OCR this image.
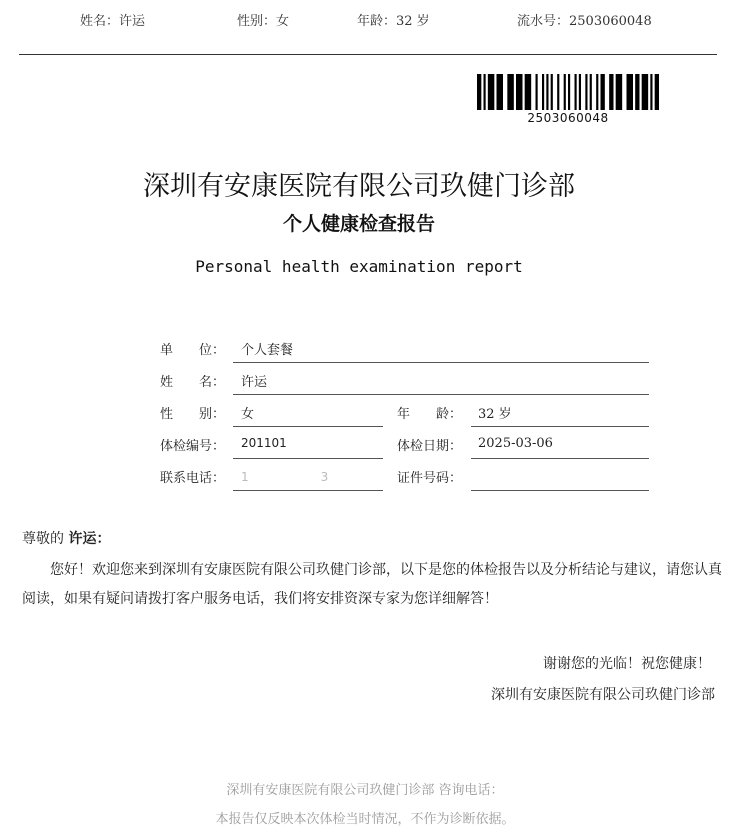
姓名：许运	性别：女	年龄：32 岁	流水号：2503060048
2503060048
深圳有安康医院有限公司玖健门诊部
个人健康检查报告
Personal health examination report
单　　位： 个人套餐
姓　　名： 许运
性　　别： 女	年　　龄： 32 岁
体检编号： 201101	体检日期： 2025-03-06
联系电话： 1　　　　　　3	证件号码：
尊敬的 许运：
您好！欢迎您来到深圳有安康医院有限公司玖健门诊部，以下是您的体检报告以及分析结论与建议，请您认真阅读，如果有疑问请拨打客户服务电话，我们将安排资深专家为您详细解答！
谢谢您的光临！祝您健康！
深圳有安康医院有限公司玖健门诊部
深圳有安康医院有限公司玖健门诊部 咨询电话：
本报告仅反映本次体检当时情况，不作为诊断依据。
